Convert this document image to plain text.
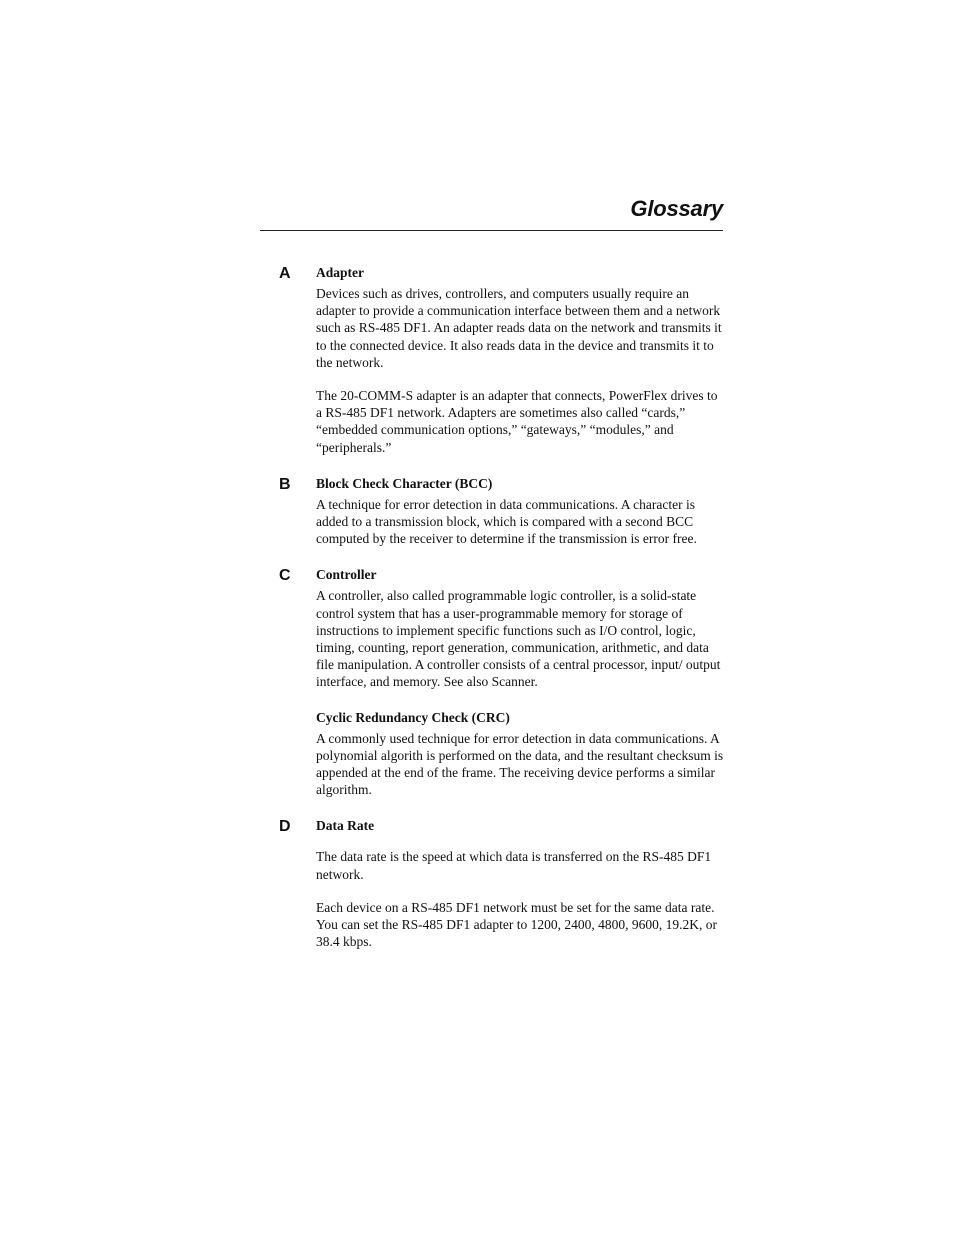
Glossary
A Adapter

Devices such as drives, controllers, and computers usually require an adapter to provide a communication interface between them and a network such as RS-485 DF1. An adapter reads data on the network and transmits it to the connected device. It also reads data in the device and transmits it to the network.

The 20-COMM-S adapter is an adapter that connects, PowerFlex drives to a RS-485 DF1 network. Adapters are sometimes also called “cards,” “embedded communication options,” “gateways,” “modules,” and “peripherals.”

B Block Check Character (BCC)

A technique for error detection in data communications. A character is added to a transmission block, which is compared with a second BCC computed by the receiver to determine if the transmission is error free.

C Controller

A controller, also called programmable logic controller, is a solid-state control system that has a user-programmable memory for storage of instructions to implement specific functions such as I/O control, logic, timing, counting, report generation, communication, arithmetic, and data file manipulation. A controller consists of a central processor, input/ output interface, and memory. See also Scanner.

Cyclic Redundancy Check (CRC)

A commonly used technique for error detection in data communications. A polynomial algorith is performed on the data, and the resultant checksum is appended at the end of the frame. The receiving device performs a similar algorithm.

D Data Rate

The data rate is the speed at which data is transferred on the RS-485 DF1 network.

Each device on a RS-485 DF1 network must be set for the same data rate. You can set the RS-485 DF1 adapter to 1200, 2400, 4800, 9600, 19.2K, or 38.4 kbps.
